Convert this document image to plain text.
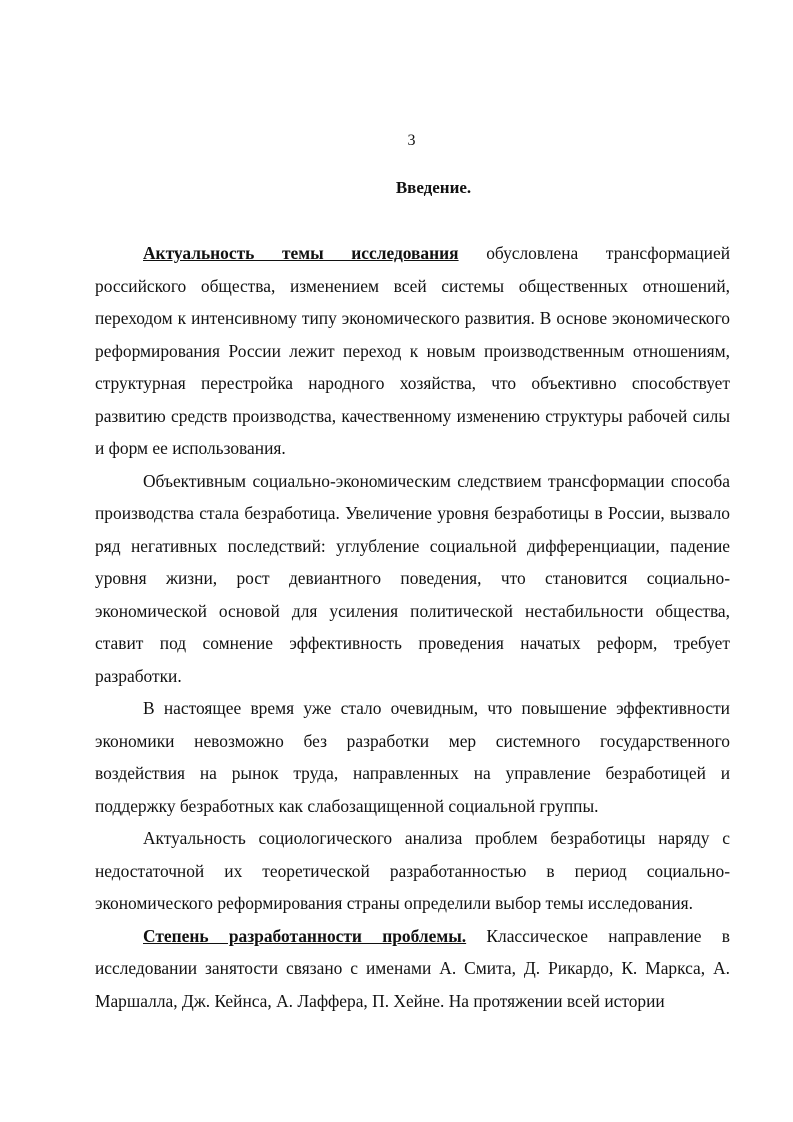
3
Введение.

Актуальность темы исследования обусловлена трансформацией российского общества, изменением всей системы общественных отношений, переходом к интенсивному типу экономического развития. В основе экономического реформирования России лежит переход к новым производственным отношениям, структурная перестройка народного хозяйства, что объективно способствует развитию средств производства, качественному изменению структуры рабочей силы и форм ее использования.

Объективным социально-экономическим следствием трансформации способа производства стала безработица. Увеличение уровня безработицы в России, вызвало ряд негативных последствий: углубление социальной дифференциации, падение уровня жизни, рост девиантного поведения, что становится социально-экономической основой для усиления политической нестабильности общества, ставит под сомнение эффективность проведения начатых реформ, требует разработки.

В настоящее время уже стало очевидным, что повышение эффективности экономики невозможно без разработки мер системного государственного воздействия на рынок труда, направленных на управление безработицей и поддержку безработных как слабозащищенной социальной группы.

Актуальность социологического анализа проблем безработицы наряду с недостаточной их теоретической разработанностью в период социально-экономического реформирования страны определили выбор темы исследования.

Степень разработанности проблемы. Классическое направление в исследовании занятости связано с именами А. Смита, Д. Рикардо, К. Маркса, А. Маршалла, Дж. Кейнса, А. Лаффера, П. Хейне. На протяжении всей истории
